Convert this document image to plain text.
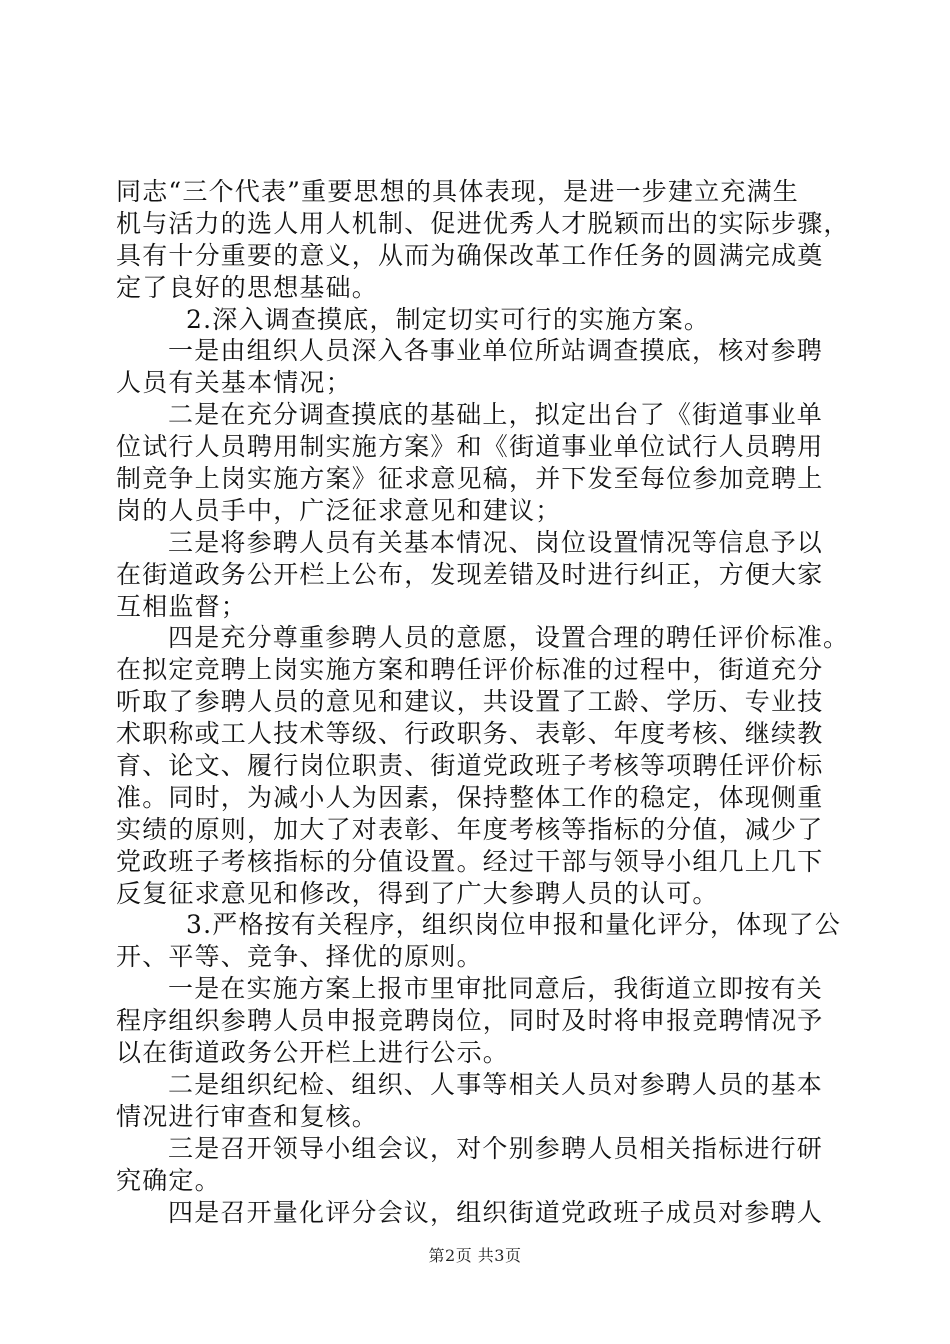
同志“三个代表”重要思想的具体表现，是进一步建立充满生
机与活力的选人用人机制、促进优秀人才脱颖而出的实际步骤，
具有十分重要的意义，从而为确保改革工作任务的圆满完成奠
定了良好的思想基础。
2.深入调查摸底，制定切实可行的实施方案。
一是由组织人员深入各事业单位所站调查摸底，核对参聘
人员有关基本情况；
二是在充分调查摸底的基础上，拟定出台了《街道事业单
位试行人员聘用制实施方案》和《街道事业单位试行人员聘用
制竞争上岗实施方案》征求意见稿，并下发至每位参加竞聘上
岗的人员手中，广泛征求意见和建议；
三是将参聘人员有关基本情况、岗位设置情况等信息予以
在街道政务公开栏上公布，发现差错及时进行纠正，方便大家
互相监督；
四是充分尊重参聘人员的意愿，设置合理的聘任评价标准。
在拟定竞聘上岗实施方案和聘任评价标准的过程中，街道充分
听取了参聘人员的意见和建议，共设置了工龄、学历、专业技
术职称或工人技术等级、行政职务、表彰、年度考核、继续教
育、论文、履行岗位职责、街道党政班子考核等项聘任评价标
准。同时，为减小人为因素，保持整体工作的稳定，体现侧重
实绩的原则，加大了对表彰、年度考核等指标的分值，减少了
党政班子考核指标的分值设置。经过干部与领导小组几上几下
反复征求意见和修改，得到了广大参聘人员的认可。
3.严格按有关程序，组织岗位申报和量化评分，体现了公
开、平等、竞争、择优的原则。
一是在实施方案上报市里审批同意后，我街道立即按有关
程序组织参聘人员申报竞聘岗位，同时及时将申报竞聘情况予
以在街道政务公开栏上进行公示。
二是组织纪检、组织、人事等相关人员对参聘人员的基本
情况进行审查和复核。
三是召开领导小组会议，对个别参聘人员相关指标进行研
究确定。
四是召开量化评分会议，组织街道党政班子成员对参聘人
第2页 共3页
